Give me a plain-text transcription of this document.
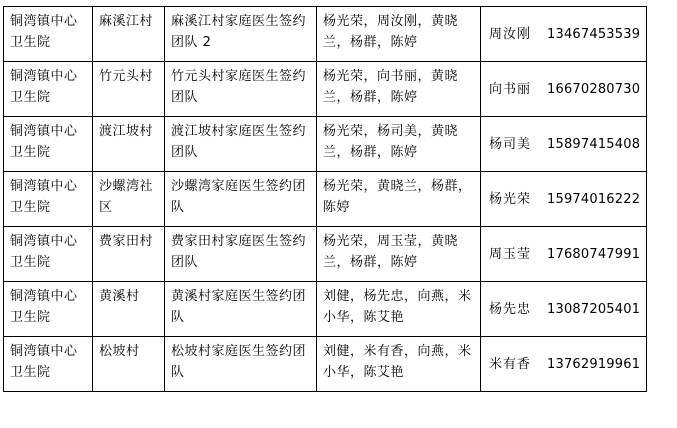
铜湾镇中心卫生院	麻溪江村	麻溪江村家庭医生签约团队 2	杨光荣，周汝刚，黄晓兰，杨群，陈婷	周汝刚 13467453539
铜湾镇中心卫生院	竹元头村	竹元头村家庭医生签约团队	杨光荣，向书丽，黄晓兰，杨群，陈婷	向书丽 16670280730
铜湾镇中心卫生院	渡江坡村	渡江坡村家庭医生签约团队	杨光荣，杨司美，黄晓兰，杨群，陈婷	杨司美 15897415408
铜湾镇中心卫生院	沙螺湾社区	沙螺湾家庭医生签约团队	杨光荣，黄晓兰，杨群，陈婷	杨光荣 15974016222
铜湾镇中心卫生院	费家田村	费家田村家庭医生签约团队	杨光荣，周玉莹，黄晓兰，杨群，陈婷	周玉莹 17680747991
铜湾镇中心卫生院	黄溪村	黄溪村家庭医生签约团队	刘健，杨先忠，向燕，米小华，陈艾艳	杨先忠 13087205401
铜湾镇中心卫生院	松坡村	松坡村家庭医生签约团队	刘健，米有香，向燕，米小华，陈艾艳	米有香 13762919961
